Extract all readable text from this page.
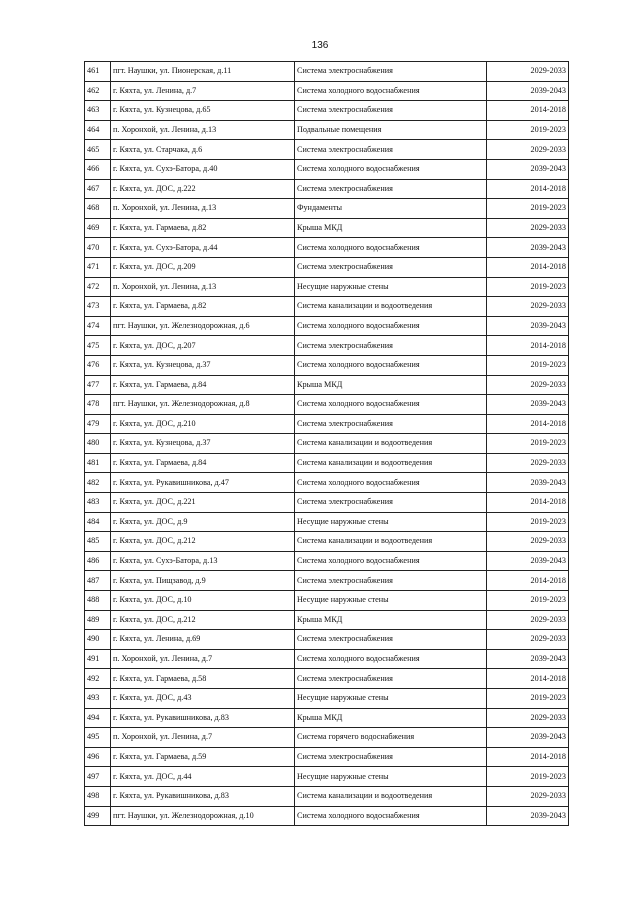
136
461	пгт. Наушки, ул. Пионерская, д.11	Система электроснабжения	2029-2033
462	г. Кяхта, ул. Ленина, д.7	Система холодного водоснабжения	2039-2043
463	г. Кяхта, ул. Кузнецова, д.65	Система электроснабжения	2014-2018
464	п. Хоронхой, ул. Ленина, д.13	Подвальные помещения	2019-2023
465	г. Кяхта, ул. Старчака, д.6	Система электроснабжения	2029-2033
466	г. Кяхта, ул. Сухэ-Батора, д.40	Система холодного водоснабжения	2039-2043
467	г. Кяхта, ул. ДОС, д.222	Система электроснабжения	2014-2018
468	п. Хоронхой, ул. Ленина, д.13	Фундаменты	2019-2023
469	г. Кяхта, ул. Гармаева, д.82	Крыша МКД	2029-2033
470	г. Кяхта, ул. Сухэ-Батора, д.44	Система холодного водоснабжения	2039-2043
471	г. Кяхта, ул. ДОС, д.209	Система электроснабжения	2014-2018
472	п. Хоронхой, ул. Ленина, д.13	Несущие наружные стены	2019-2023
473	г. Кяхта, ул. Гармаева, д.82	Система канализации и водоотведения	2029-2033
474	пгт. Наушки, ул. Железнодорожная, д.6	Система холодного водоснабжения	2039-2043
475	г. Кяхта, ул. ДОС, д.207	Система электроснабжения	2014-2018
476	г. Кяхта, ул. Кузнецова, д.37	Система холодного водоснабжения	2019-2023
477	г. Кяхта, ул. Гармаева, д.84	Крыша МКД	2029-2033
478	пгт. Наушки, ул. Железнодорожная, д.8	Система холодного водоснабжения	2039-2043
479	г. Кяхта, ул. ДОС, д.210	Система электроснабжения	2014-2018
480	г. Кяхта, ул. Кузнецова, д.37	Система канализации и водоотведения	2019-2023
481	г. Кяхта, ул. Гармаева, д.84	Система канализации и водоотведения	2029-2033
482	г. Кяхта, ул. Рукавишникова, д.47	Система холодного водоснабжения	2039-2043
483	г. Кяхта, ул. ДОС, д.221	Система электроснабжения	2014-2018
484	г. Кяхта, ул. ДОС, д.9	Несущие наружные стены	2019-2023
485	г. Кяхта, ул. ДОС, д.212	Система канализации и водоотведения	2029-2033
486	г. Кяхта, ул. Сухэ-Батора, д.13	Система холодного водоснабжения	2039-2043
487	г. Кяхта, ул. Пищзавод, д.9	Система электроснабжения	2014-2018
488	г. Кяхта, ул. ДОС, д.10	Несущие наружные стены	2019-2023
489	г. Кяхта, ул. ДОС, д.212	Крыша МКД	2029-2033
490	г. Кяхта, ул. Ленина, д.69	Система электроснабжения	2029-2033
491	п. Хоронхой, ул. Ленина, д.7	Система холодного водоснабжения	2039-2043
492	г. Кяхта, ул. Гармаева, д.58	Система электроснабжения	2014-2018
493	г. Кяхта, ул. ДОС, д.43	Несущие наружные стены	2019-2023
494	г. Кяхта, ул. Рукавишникова, д.83	Крыша МКД	2029-2033
495	п. Хоронхой, ул. Ленина, д.7	Система горячего водоснабжения	2039-2043
496	г. Кяхта, ул. Гармаева, д.59	Система электроснабжения	2014-2018
497	г. Кяхта, ул. ДОС, д.44	Несущие наружные стены	2019-2023
498	г. Кяхта, ул. Рукавишникова, д.83	Система канализации и водоотведения	2029-2033
499	пгт. Наушки, ул. Железнодорожная, д.10	Система холодного водоснабжения	2039-2043
